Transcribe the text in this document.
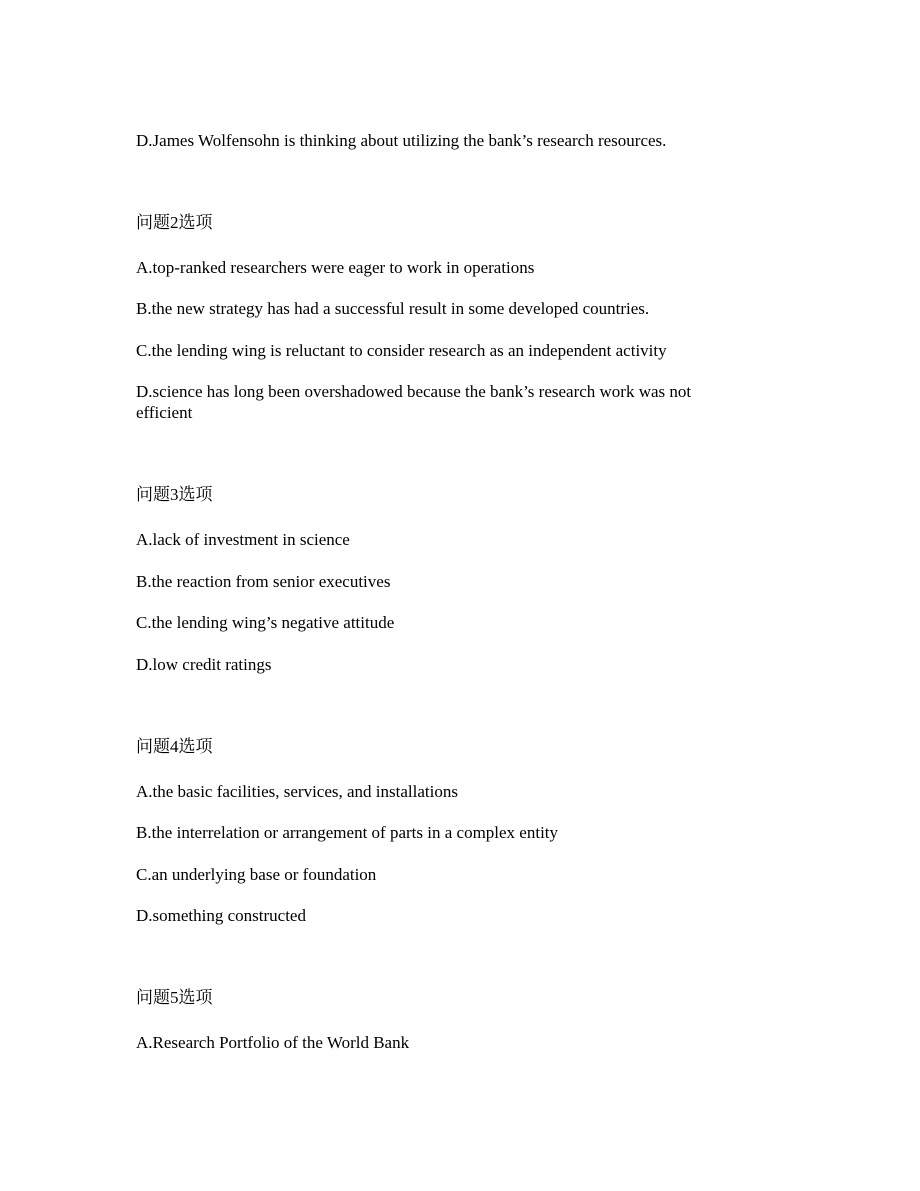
D.James Wolfensohn is thinking about utilizing the bank’s research resources.

问题2选项

A.top-ranked researchers were eager to work in operations

B.the new strategy has had a successful result in some developed countries.

C.the lending wing is reluctant to consider research as an independent activity

D.science has long been overshadowed because the bank’s research work was not efficient

问题3选项

A.lack of investment in science

B.the reaction from senior executives

C.the lending wing’s negative attitude

D.low credit ratings

问题4选项

A.the basic facilities, services, and installations

B.the interrelation or arrangement of parts in a complex entity

C.an underlying base or foundation

D.something constructed

问题5选项

A.Research Portfolio of the World Bank
